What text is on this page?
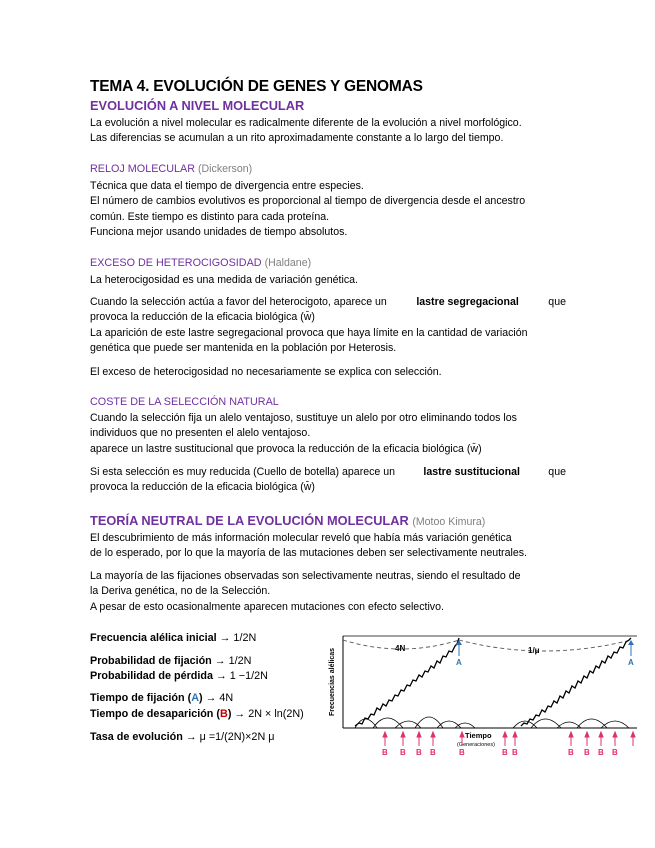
TEMA 4. EVOLUCIÓN DE GENES Y GENOMAS
EVOLUCIÓN A NIVEL MOLECULAR
La evolución a nivel molecular es radicalmente diferente de la evolución a nivel morfológico.
Las diferencias se acumulan a un rito aproximadamente constante a lo largo del tiempo.
RELOJ MOLECULAR (Dickerson)
Técnica que data el tiempo de divergencia entre especies.
El número de cambios evolutivos es proporcional al tiempo de divergencia desde el ancestro
común. Este tiempo es distinto para cada proteína.
Funciona mejor usando unidades de tiempo absolutos.
EXCESO DE HETEROCIGOSIDAD (Haldane)
La heterocigosidad es una medida de variación genética.
Cuando la selección actúa a favor del heterocigoto, aparece un	lastre segregacional	que
provoca la reducción de la eficacia biológica (w̄)
La aparición de este lastre segregacional provoca que haya límite en la cantidad de variación
genética que puede ser mantenida en la población por Heterosis.
El exceso de heterocigosidad no necesariamente se explica con selección.
COSTE DE LA SELECCIÓN NATURAL
Cuando la selección fija un alelo ventajoso, sustituye un alelo por otro eliminando todos los
individuos que no presenten el alelo ventajoso.
aparece un lastre sustitucional que provoca la reducción de la eficacia biológica (w̄)
Si esta selección es muy reducida (Cuello de botella) aparece un	lastre sustitucional	que
provoca la reducción de la eficacia biológica (w̄)
TEORÍA NEUTRAL DE LA EVOLUCIÓN MOLECULAR (Motoo Kimura)
El descubrimiento de más información molecular reveló que había más variación genética
de lo esperado, por lo que la mayoría de las mutaciones deben ser selectivamente neutrales.
La mayoría de las fijaciones observadas son selectivamente neutras, siendo el resultado de
la Deriva genética, no de la Selección.
A pesar de esto ocasionalmente aparecen mutaciones con efecto selectivo.
Frecuencia alélica inicial → 1/2N
Probabilidad de fijación → 1/2N
Probabilidad de pérdida → 1 −1/2N
Tiempo de fijación (A) → 4N
Tiempo de desaparición (B) → 2N × ln(2N)
Tasa de evolución → μ =1/(2N)×2N μ
Frecuencias alélicas	4N	1/μ
A	A
Tiempo
(Generaciones)
B B B B	B	B B	B B B B
